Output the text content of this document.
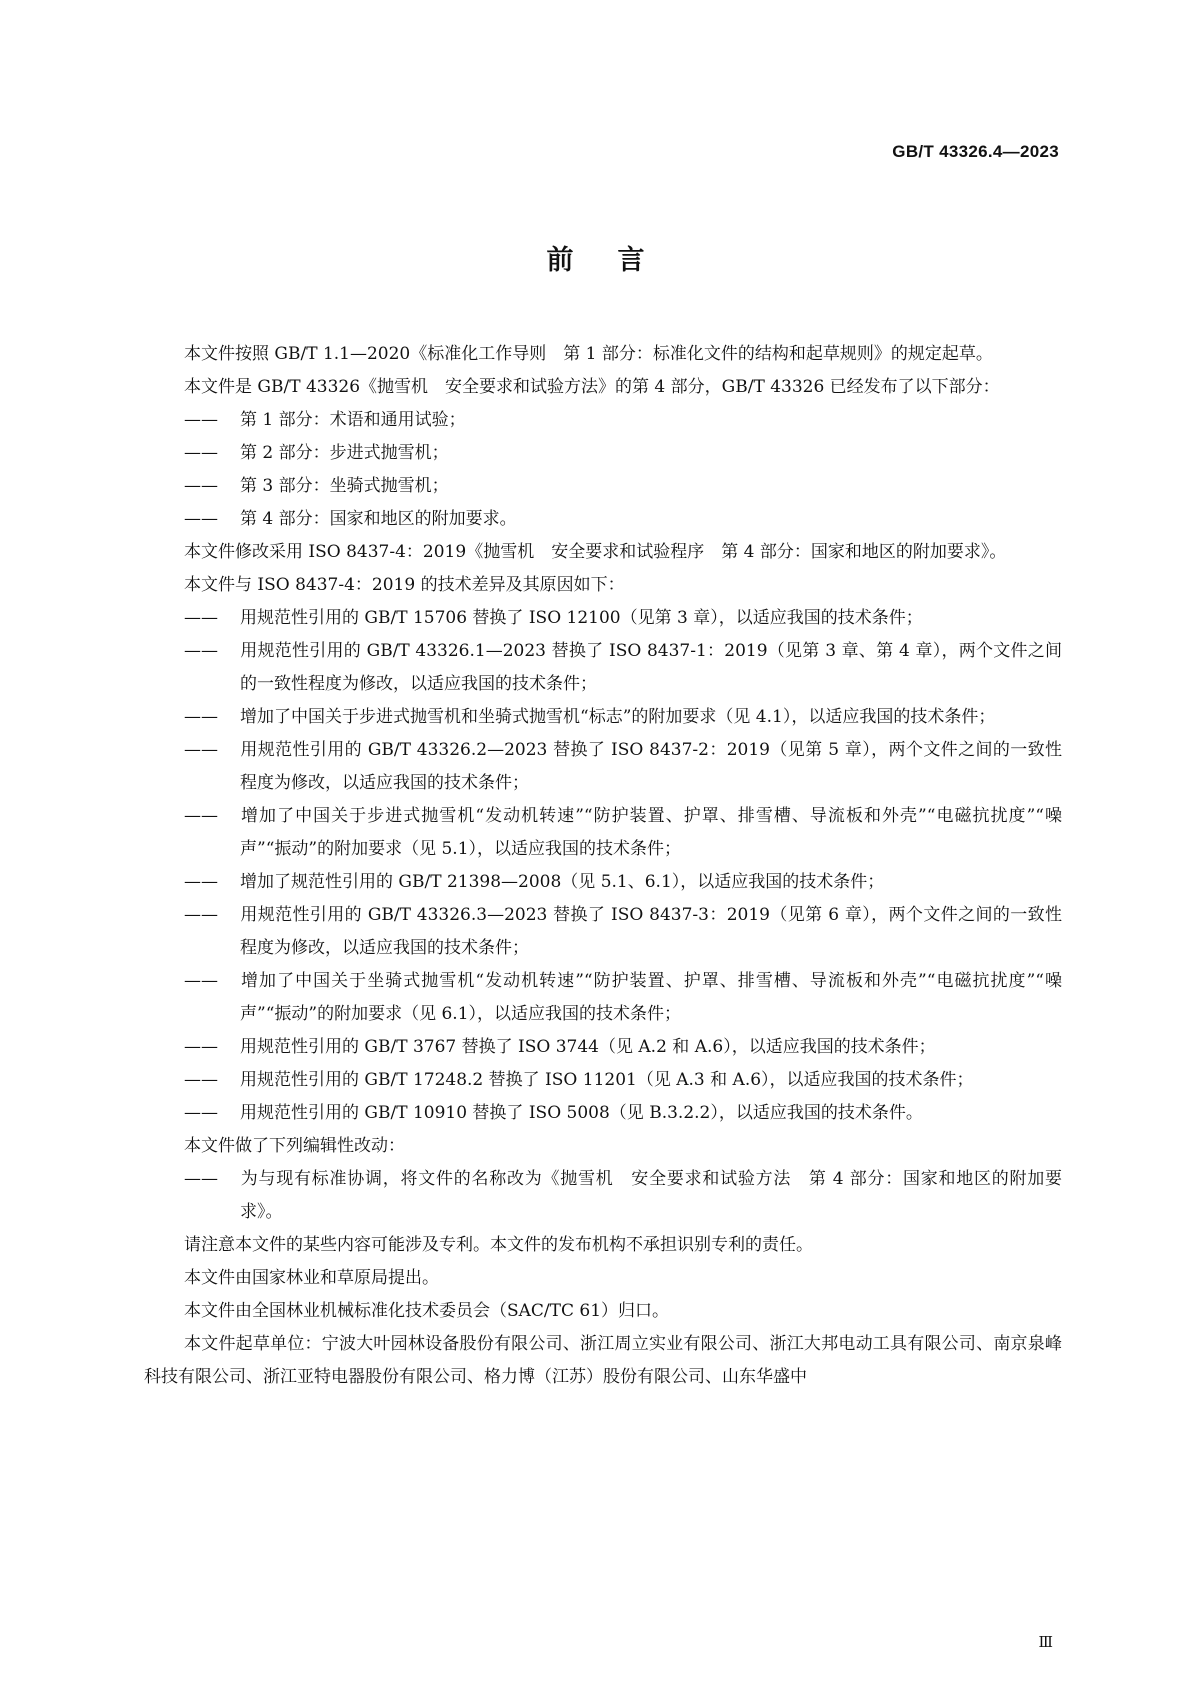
GB/T 43326.4—2023
前言

本文件按照 GB/T 1.1—2020《标准化工作导则　第 1 部分：标准化文件的结构和起草规则》的规定起草。

本文件是 GB/T 43326《抛雪机　安全要求和试验方法》的第 4 部分，GB/T 43326 已经发布了以下部分：

—— 第 1 部分：术语和通用试验；

—— 第 2 部分：步进式抛雪机；

—— 第 3 部分：坐骑式抛雪机；

—— 第 4 部分：国家和地区的附加要求。

本文件修改采用 ISO 8437-4：2019《抛雪机　安全要求和试验程序　第 4 部分：国家和地区的附加要求》。

本文件与 ISO 8437-4：2019 的技术差异及其原因如下：

—— 用规范性引用的 GB/T 15706 替换了 ISO 12100（见第 3 章），以适应我国的技术条件；

—— 用规范性引用的 GB/T 43326.1—2023 替换了 ISO 8437-1：2019（见第 3 章、第 4 章），两个文件之间的一致性程度为修改，以适应我国的技术条件；

—— 增加了中国关于步进式抛雪机和坐骑式抛雪机“标志”的附加要求（见 4.1），以适应我国的技术条件；

—— 用规范性引用的 GB/T 43326.2—2023 替换了 ISO 8437-2：2019（见第 5 章），两个文件之间的一致性程度为修改，以适应我国的技术条件；

—— 增加了中国关于步进式抛雪机“发动机转速”“防护装置、护罩、排雪槽、导流板和外壳”“电磁抗扰度”“噪声”“振动”的附加要求（见 5.1），以适应我国的技术条件；

—— 增加了规范性引用的 GB/T 21398—2008（见 5.1、6.1），以适应我国的技术条件；

—— 用规范性引用的 GB/T 43326.3—2023 替换了 ISO 8437-3：2019（见第 6 章），两个文件之间的一致性程度为修改，以适应我国的技术条件；

—— 增加了中国关于坐骑式抛雪机“发动机转速”“防护装置、护罩、排雪槽、导流板和外壳”“电磁抗扰度”“噪声”“振动”的附加要求（见 6.1），以适应我国的技术条件；

—— 用规范性引用的 GB/T 3767 替换了 ISO 3744（见 A.2 和 A.6），以适应我国的技术条件；

—— 用规范性引用的 GB/T 17248.2 替换了 ISO 11201（见 A.3 和 A.6），以适应我国的技术条件；

—— 用规范性引用的 GB/T 10910 替换了 ISO 5008（见 B.3.2.2），以适应我国的技术条件。

本文件做了下列编辑性改动：

—— 为与现有标准协调，将文件的名称改为《抛雪机　安全要求和试验方法　第 4 部分：国家和地区的附加要求》。

请注意本文件的某些内容可能涉及专利。本文件的发布机构不承担识别专利的责任。

本文件由国家林业和草原局提出。

本文件由全国林业机械标准化技术委员会（SAC/TC 61）归口。

本文件起草单位：宁波大叶园林设备股份有限公司、浙江周立实业有限公司、浙江大邦电动工具有限公司、南京泉峰科技有限公司、浙江亚特电器股份有限公司、格力博（江苏）股份有限公司、山东华盛中

Ⅲ
